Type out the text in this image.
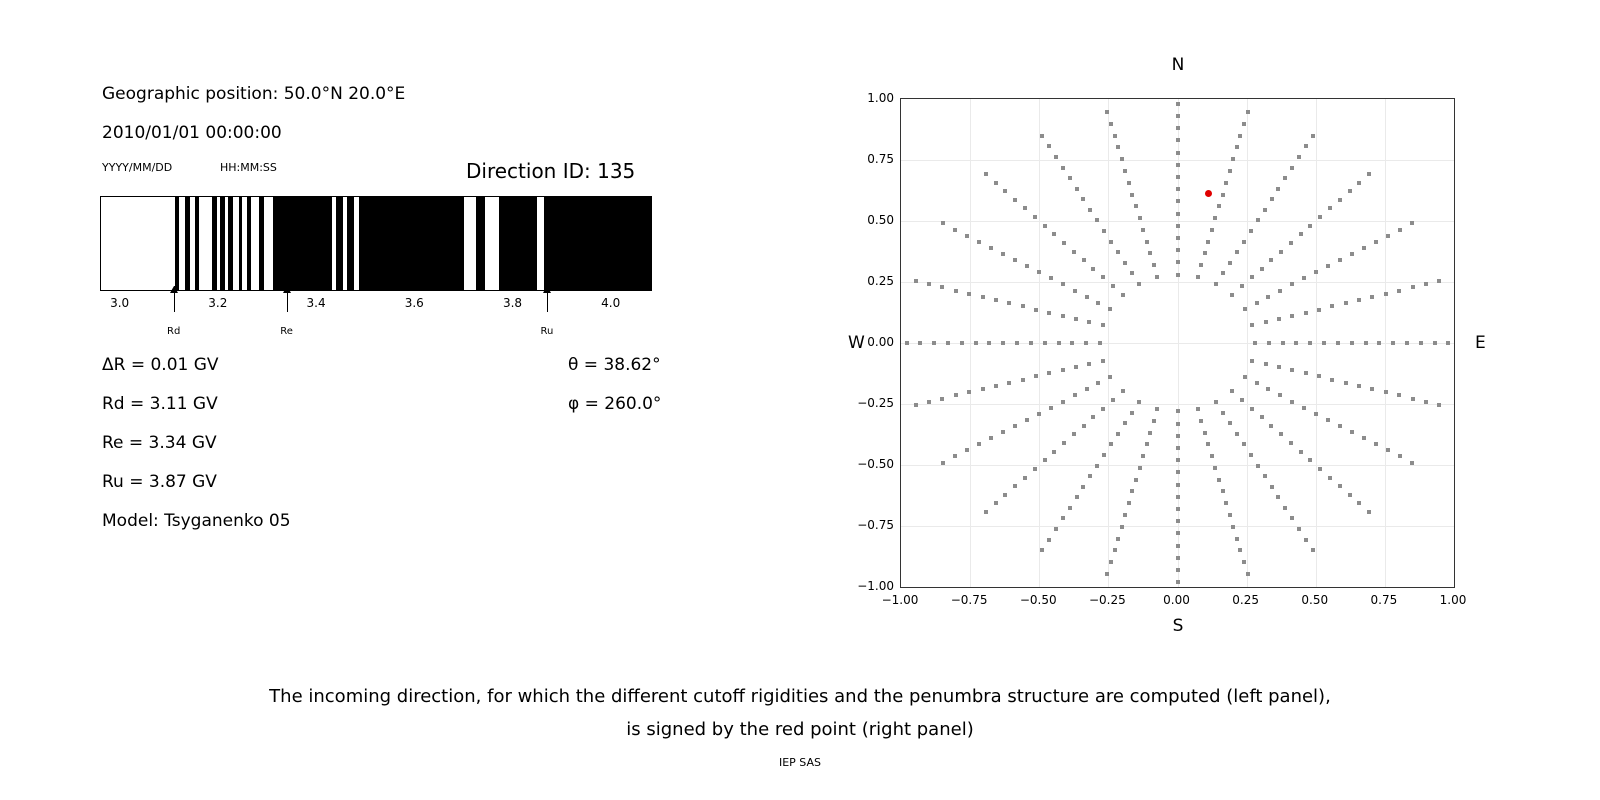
Geographic position: 50.0°N 20.0°E
2010/01/01 00:00:00
YYYY/MM/DD	HH:MM:SS	Direction ID: 135
3.0	3.2	3.4	3.6	3.8	4.0
Rd	Re	Ru
ΔR = 0.01 GV
Rd = 3.11 GV
Re = 3.34 GV
Ru = 3.87 GV
Model: Tsyganenko 05
θ = 38.62°
φ = 260.0°
N
S
W	E
−1.00	−0.75	−0.50	−0.25	0.00	0.25	0.50	0.75	1.00
−1.00
−0.75
−0.50
−0.25
0.00
0.25
0.50
0.75
1.00
The incoming direction, for which the different cutoff rigidities and the penumbra structure are computed (left panel),
is signed by the red point (right panel)
IEP SAS
